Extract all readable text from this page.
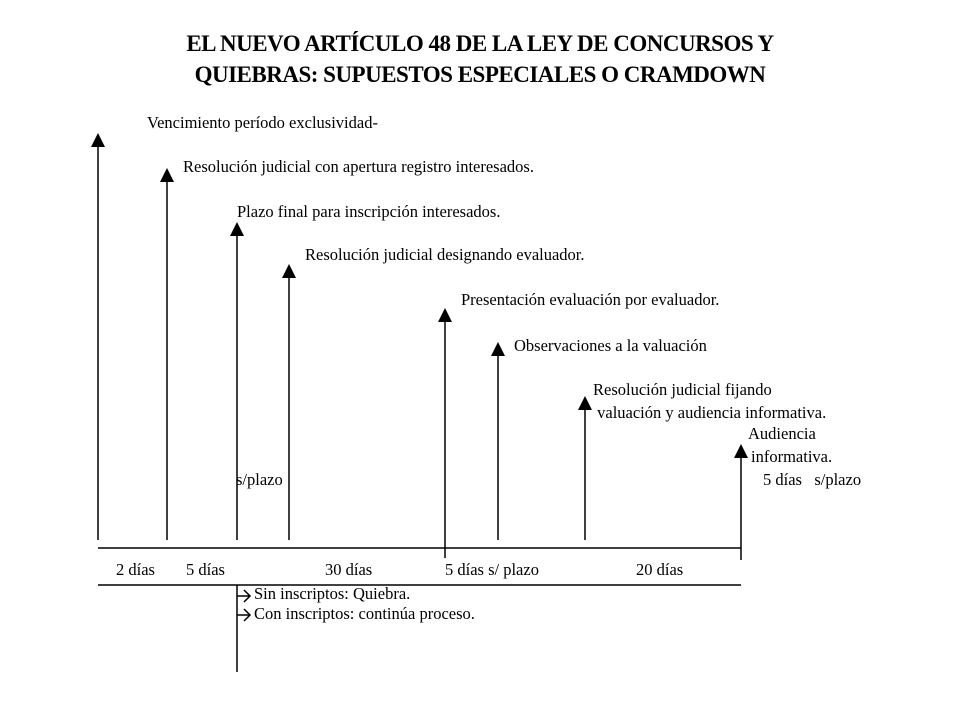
EL NUEVO ARTÍCULO 48 DE LA LEY DE CONCURSOS Y
QUIEBRAS: SUPUESTOS ESPECIALES O CRAMDOWN
Vencimiento período exclusividad-
Resolución judicial con apertura registro interesados.
Plazo final para inscripción interesados.
Resolución judicial designando evaluador.
Presentación evaluación por evaluador.
Observaciones a la valuación
Resolución judicial fijando
valuación y audiencia informativa.
Audiencia
informativa.
s/plazo	5 días   s/plazo
2 días 5 días	30 días	5 días s/ plazo	20 días
Sin inscriptos: Quiebra.
Con inscriptos: continúa proceso.
